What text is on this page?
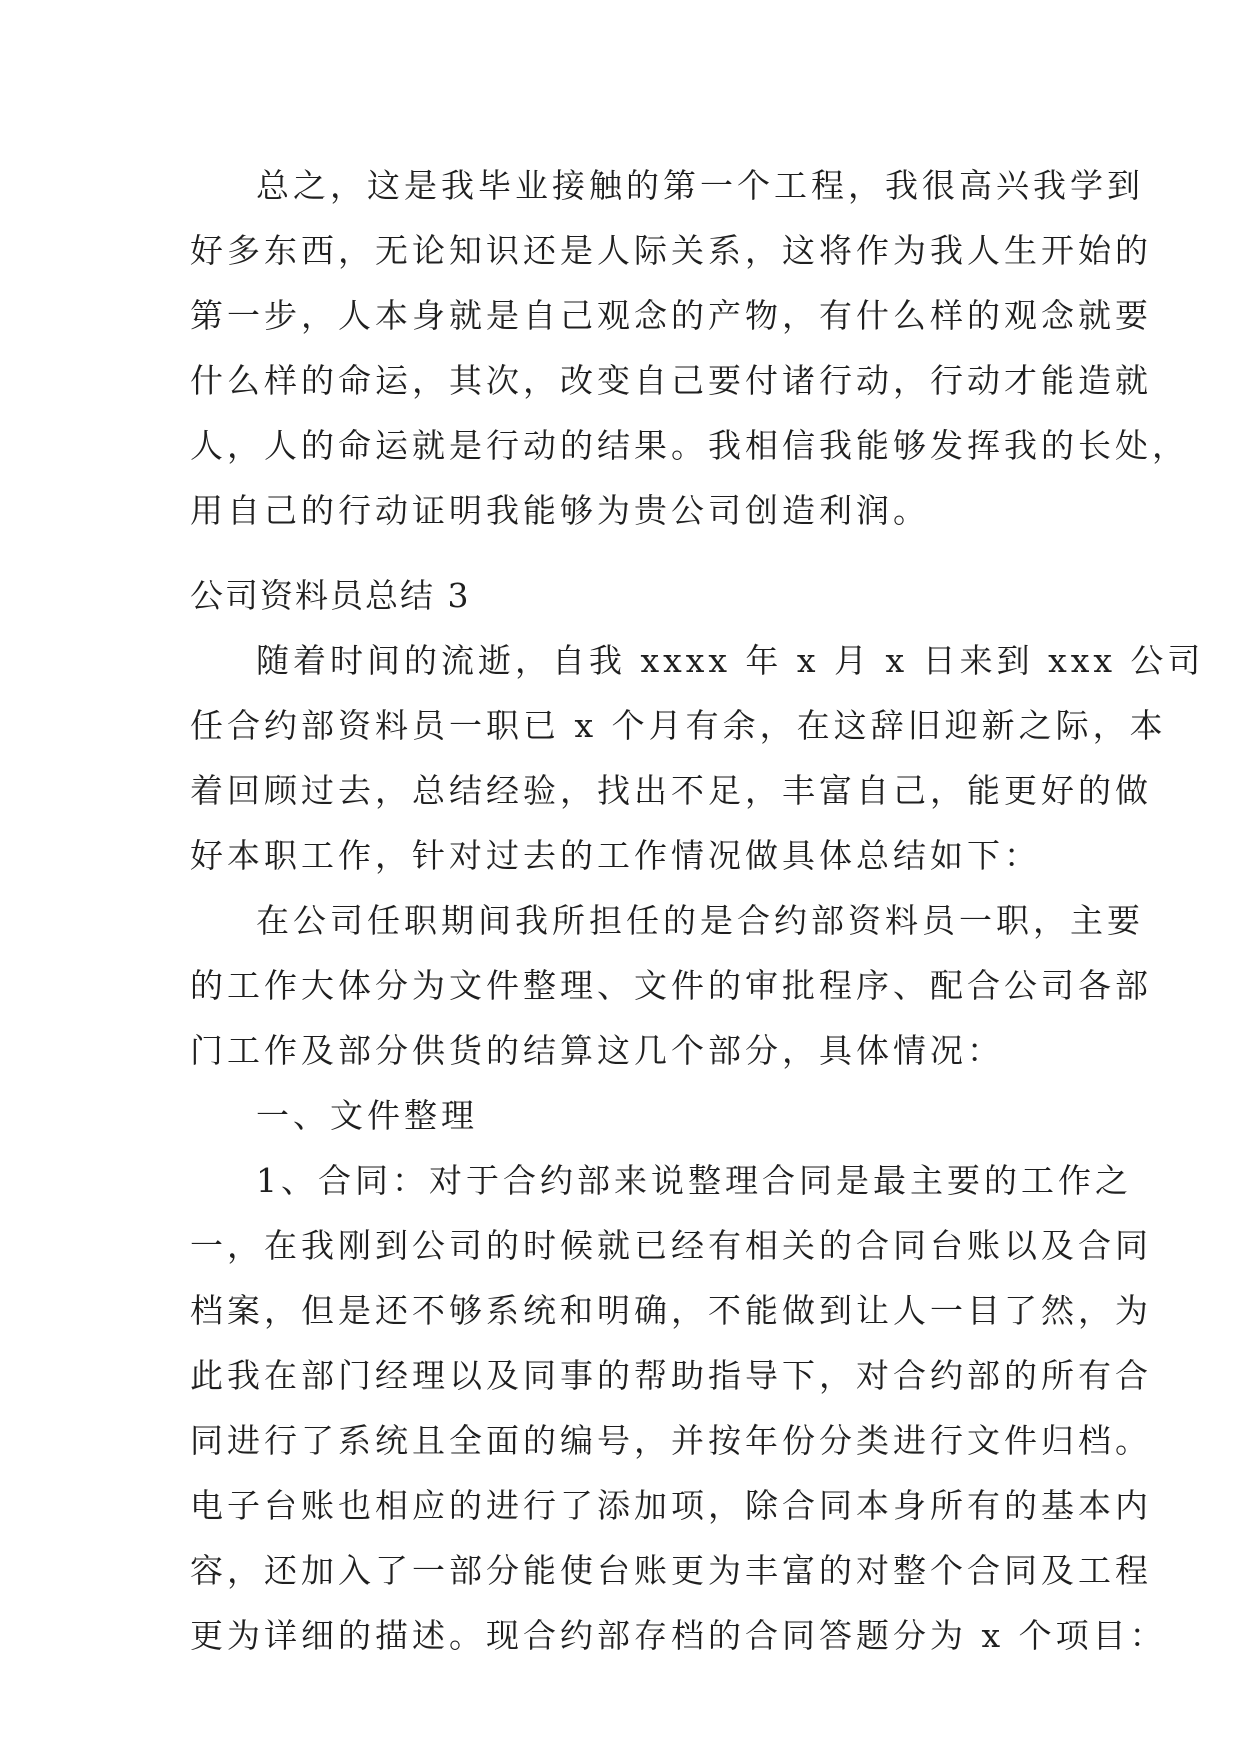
总之，这是我毕业接触的第一个工程，我很高兴我学到
好多东西，无论知识还是人际关系，这将作为我人生开始的
第一步，人本身就是自己观念的产物，有什么样的观念就要
什么样的命运，其次，改变自己要付诸行动，行动才能造就
人，人的命运就是行动的结果。我相信我能够发挥我的长处，
用自己的行动证明我能够为贵公司创造利润。
公司资料员总结 3
随着时间的流逝，自我 xxxx 年 x 月 x 日来到 xxx 公司
任合约部资料员一职已 x 个月有余，在这辞旧迎新之际，本
着回顾过去，总结经验，找出不足，丰富自己，能更好的做
好本职工作，针对过去的工作情况做具体总结如下：
在公司任职期间我所担任的是合约部资料员一职，主要
的工作大体分为文件整理、文件的审批程序、配合公司各部
门工作及部分供货的结算这几个部分，具体情况：
一、文件整理
1、合同：对于合约部来说整理合同是最主要的工作之
一，在我刚到公司的时候就已经有相关的合同台账以及合同
档案，但是还不够系统和明确，不能做到让人一目了然，为
此我在部门经理以及同事的帮助指导下，对合约部的所有合
同进行了系统且全面的编号，并按年份分类进行文件归档。
电子台账也相应的进行了添加项，除合同本身所有的基本内
容，还加入了一部分能使台账更为丰富的对整个合同及工程
更为详细的描述。现合约部存档的合同答题分为 x 个项目：
